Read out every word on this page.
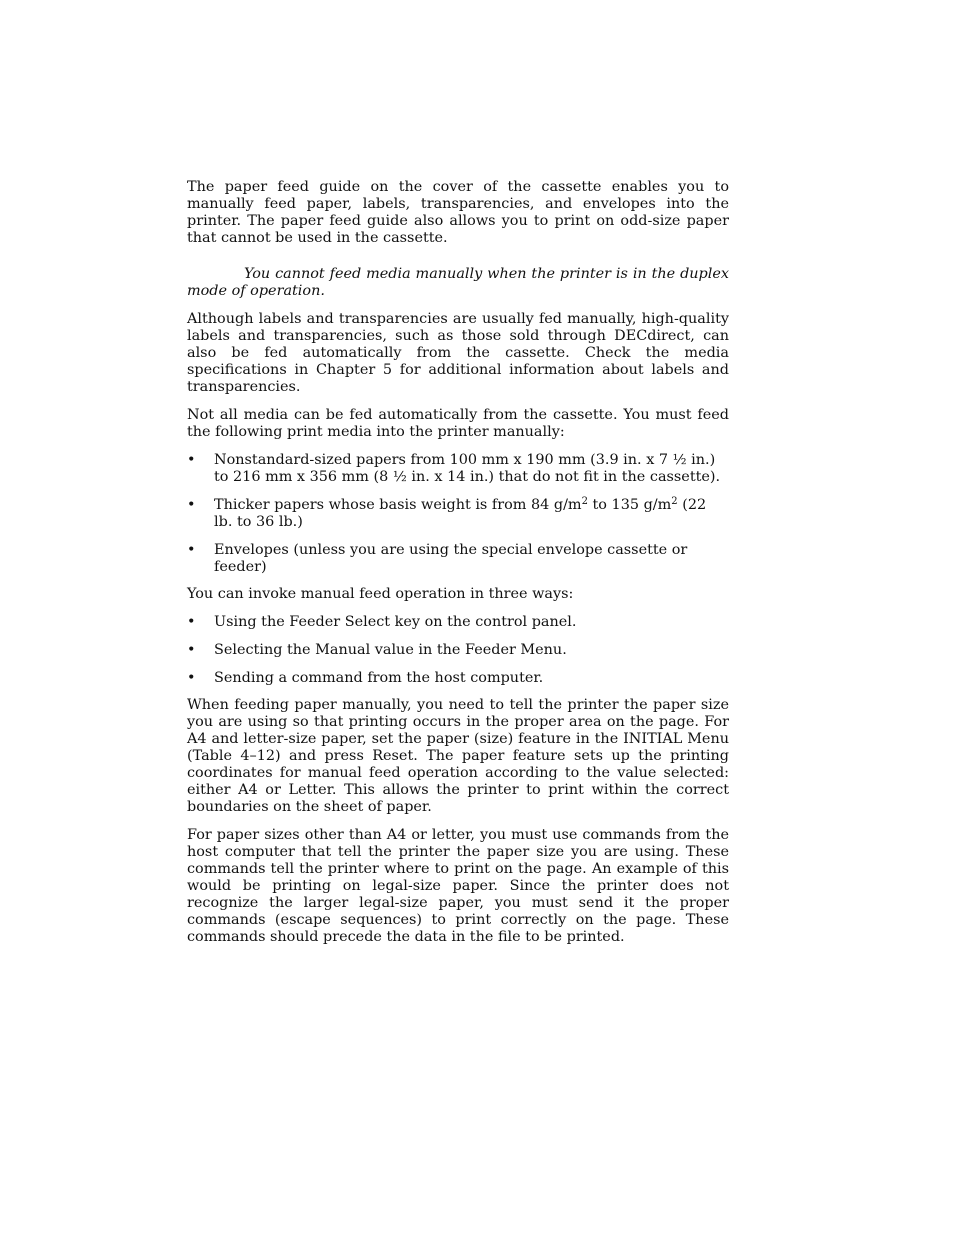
The paper feed guide on the cover of the cassette enables you to manually feed paper, labels, transparencies, and envelopes into the printer. The paper feed guide also allows you to print on odd-size paper that cannot be used in the cassette.

You cannot feed media manually when the printer is in the duplex mode of operation.

Although labels and transparencies are usually fed manually, high-quality labels and transparencies, such as those sold through DECdirect, can also be fed automatically from the cassette. Check the media specifications in Chapter 5 for additional information about labels and transparencies.

Not all media can be fed automatically from the cassette. You must feed the following print media into the printer manually:

• Nonstandard-sized papers from 100 mm x 190 mm (3.9 in. x 7 ½ in.) to 216 mm x 356 mm (8 ½ in. x 14 in.) that do not fit in the cassette).
• Thicker papers whose basis weight is from 84 $g/m^2$ to 135 $g/m^2$ (22 lb. to 36 lb.)
• Envelopes (unless you are using the special envelope cassette or feeder)

You can invoke manual feed operation in three ways:

• Using the Feeder Select key on the control panel.
• Selecting the Manual value in the Feeder Menu.
• Sending a command from the host computer.

When feeding paper manually, you need to tell the printer the paper size you are using so that printing occurs in the proper area on the page. For A4 and letter-size paper, set the paper (size) feature in the INITIAL Menu (Table 4–12) and press Reset. The paper feature sets up the printing coordinates for manual feed operation according to the value selected: either A4 or Letter. This allows the printer to print within the correct boundaries on the sheet of paper.

For paper sizes other than A4 or letter, you must use commands from the host computer that tell the printer the paper size you are using. These commands tell the printer where to print on the page. An example of this would be printing on legal-size paper. Since the printer does not recognize the larger legal-size paper, you must send it the proper commands (escape sequences) to print correctly on the page. These commands should precede the data in the file to be printed.
